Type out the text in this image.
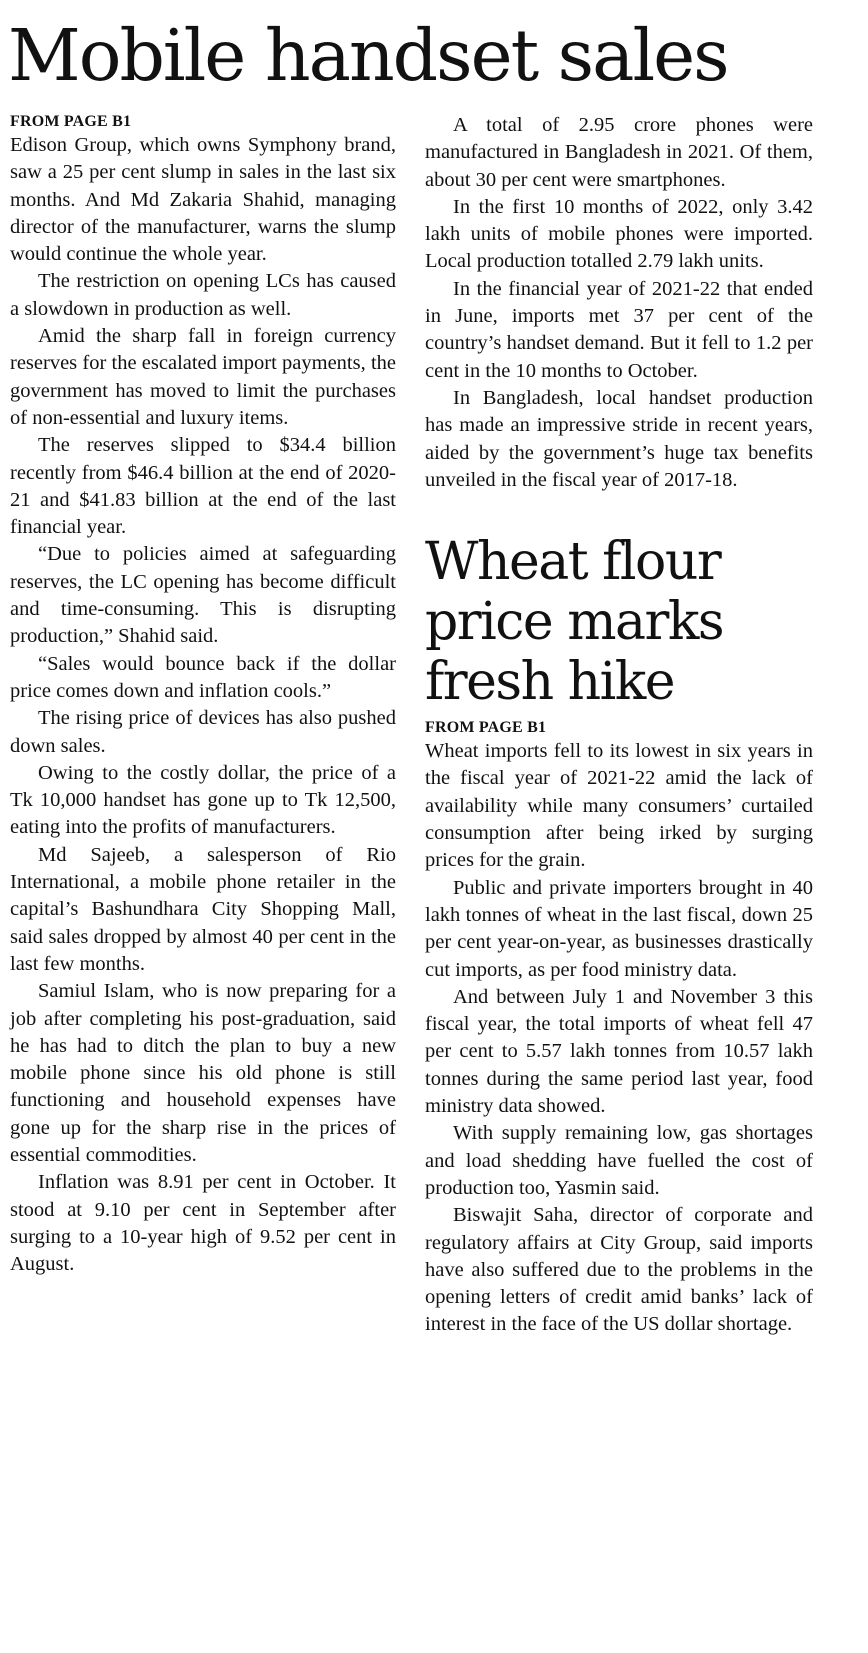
Mobile handset sales

FROM PAGE B1

Edison Group, which owns Symphony brand, saw a 25 per cent slump in sales in the last six months. And Md Zakaria Shahid, managing director of the manufacturer, warns the slump would continue the whole year.

The restriction on opening LCs has caused a slowdown in production as well.

Amid the sharp fall in foreign currency reserves for the escalated import payments, the government has moved to limit the purchases of non-essential and luxury items.

The reserves slipped to $34.4 billion recently from $46.4 billion at the end of 2020-21 and $41.83 billion at the end of the last financial year.

“Due to policies aimed at safeguarding reserves, the LC opening has become difficult and time-consuming. This is disrupting production,” Shahid said.

“Sales would bounce back if the dollar price comes down and inflation cools.”

The rising price of devices has also pushed down sales.

Owing to the costly dollar, the price of a Tk 10,000 handset has gone up to Tk 12,500, eating into the profits of manufacturers.

Md Sajeeb, a salesperson of Rio International, a mobile phone retailer in the capital’s Bashundhara City Shopping Mall, said sales dropped by almost 40 per cent in the last few months.

Samiul Islam, who is now preparing for a job after completing his post-graduation, said he has had to ditch the plan to buy a new mobile phone since his old phone is still functioning and household expenses have gone up for the sharp rise in the prices of essential commodities.

Inflation was 8.91 per cent in October. It stood at 9.10 per cent in September after surging to a 10-year high of 9.52 per cent in August.

A total of 2.95 crore phones were manufactured in Bangladesh in 2021. Of them, about 30 per cent were smartphones.

In the first 10 months of 2022, only 3.42 lakh units of mobile phones were imported. Local production totalled 2.79 lakh units.

In the financial year of 2021-22 that ended in June, imports met 37 per cent of the country’s handset demand. But it fell to 1.2 per cent in the 10 months to October.

In Bangladesh, local handset production has made an impressive stride in recent years, aided by the government’s huge tax benefits unveiled in the fiscal year of 2017-18.

Wheat flour price marks fresh hike

FROM PAGE B1

Wheat imports fell to its lowest in six years in the fiscal year of 2021-22 amid the lack of availability while many consumers’ curtailed consumption after being irked by surging prices for the grain.

Public and private importers brought in 40 lakh tonnes of wheat in the last fiscal, down 25 per cent year-on-year, as businesses drastically cut imports, as per food ministry data.

And between July 1 and November 3 this fiscal year, the total imports of wheat fell 47 per cent to 5.57 lakh tonnes from 10.57 lakh tonnes during the same period last year, food ministry data showed.

With supply remaining low, gas shortages and load shedding have fuelled the cost of production too, Yasmin said.

Biswajit Saha, director of corporate and regulatory affairs at City Group, said imports have also suffered due to the problems in the opening letters of credit amid banks’ lack of interest in the face of the US dollar shortage.
